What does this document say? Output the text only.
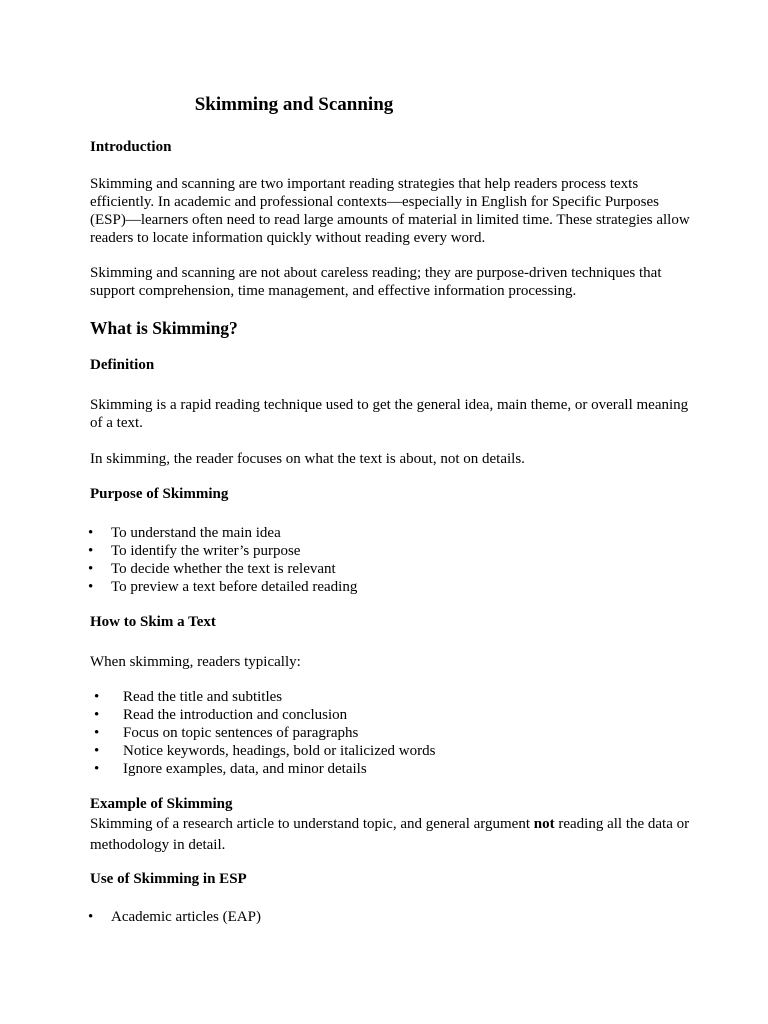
Skimming and Scanning
Introduction
Skimming and scanning are two important reading strategies that help readers process texts efficiently. In academic and professional contexts—especially in English for Specific Purposes (ESP)—learners often need to read large amounts of material in limited time. These strategies allow readers to locate information quickly without reading every word.
Skimming and scanning are not about careless reading; they are purpose-driven techniques that support comprehension, time management, and effective information processing.
What is Skimming?
Definition
Skimming is a rapid reading technique used to get the general idea, main theme, or overall meaning of a text.
In skimming, the reader focuses on what the text is about, not on details.
Purpose of Skimming
• To understand the main idea
• To identify the writer’s purpose
• To decide whether the text is relevant
• To preview a text before detailed reading
How to Skim a Text
When skimming, readers typically:
• Read the title and subtitles
• Read the introduction and conclusion
• Focus on topic sentences of paragraphs
• Notice keywords, headings, bold or italicized words
• Ignore examples, data, and minor details
Example of Skimming
Skimming of a research article to understand topic, and general argument not reading all the data or methodology in detail.
Use of Skimming in ESP
• Academic articles (EAP)
